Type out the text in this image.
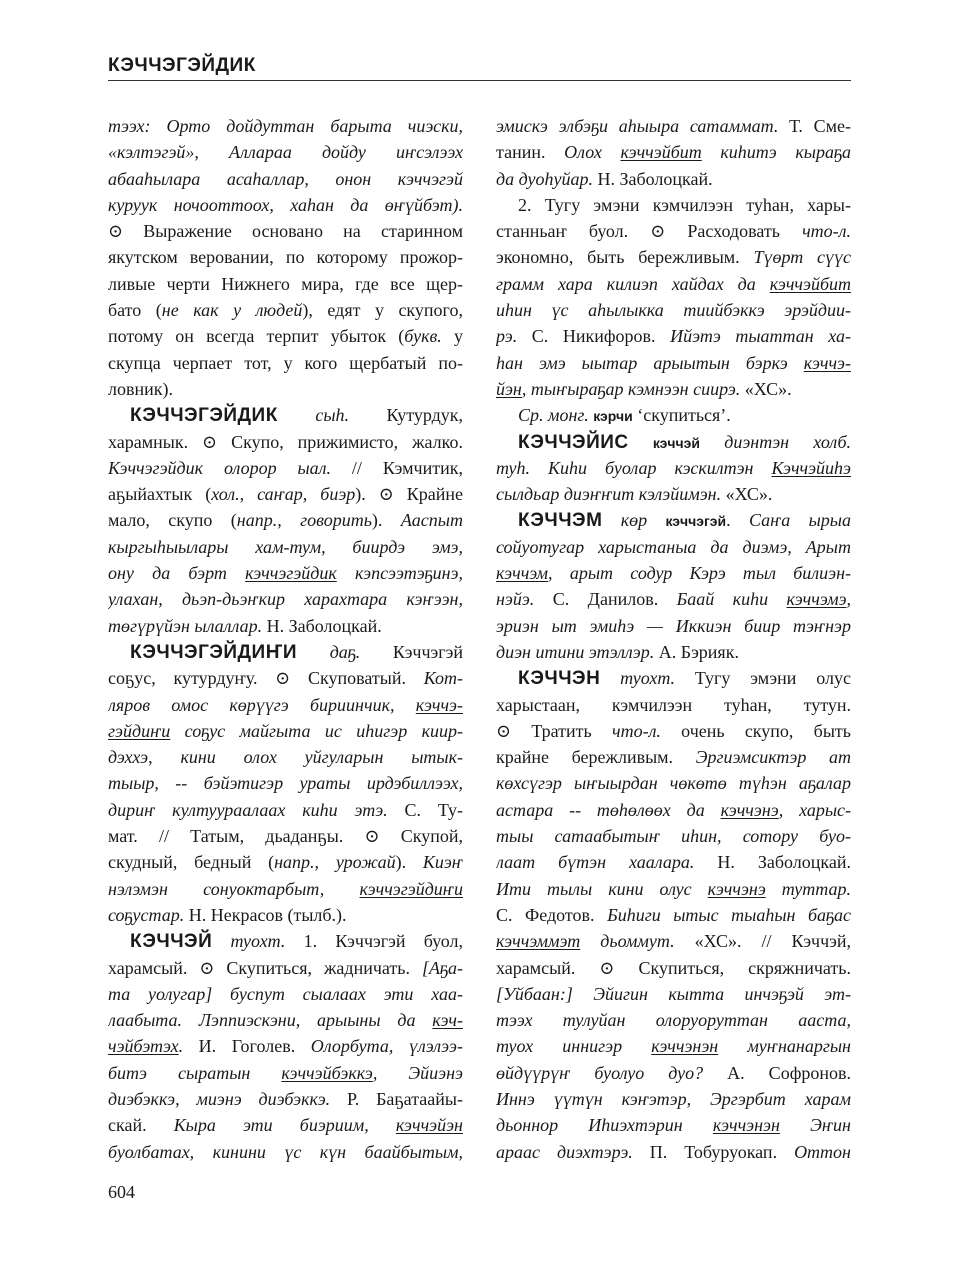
КЭЧЧЭГЭЙДИК
тээх: Орто дойдуттан барыта чиэски,
«кэлтэгэй», Аллараа дойду иҥсэлээх
абааһылара асаһаллар, онон кэччэгэй
куруук ночооттоох, хаһан да өҥүйбэт).
⊙ Выражение основано на старинном
якутском веровании, по которому прожор-
ливые черти Нижнего мира, где все щер-
бато (не как у людей), едят у скупого,
потому он всегда терпит убыток (букв. у
скупца черпает тот, у кого щербатый по-
ловник).
КЭЧЧЭГЭЙДИК сыһ. Кутурдук,
харамнык. ⊙ Скупо, прижимисто, жалко.
Кэччэгэйдик олорор ыал. // Кэмчитик,
аҕыйахтык (хол., саҥар, биэр). ⊙ Крайне
мало, скупо (напр., говорить). Аaспыт
кыргыһыылары хам-тум, биирдэ эмэ,
ону да бэрт кэччэгэйдик кэпсээтэҕинэ,
улахан, дьэп-дьэҥкир харахтара кэҥээн,
төгүрүйэн ылаллар. Н. Заболоцкай.
КЭЧЧЭГЭЙДИҤИ даҕ. Кэччэгэй
соҕус, кутурдуҥу. ⊙ Скуповатый. Кот-
ляров омос көрүүгэ бириинчик, кэччэ-
гэйдиҥи соҕус майгыта ис иһигэр киир-
дэххэ, кини олох уйгуларын ытык-
тыыр, -- бэйэтигэр ураты ирдэбиллээх,
дириҥ култуураалаах киһи этэ. С. Ту-
мат. // Татым, дьаданҕы. ⊙ Скупой,
скудный, бедный (напр., урожай). Киэҥ
нэлэмэн сонуоктарбыт, кэччэгэйдиҥи
соҕустар. Н. Некрасов (тылб.).
КЭЧЧЭЙ туохт. 1. Кэччэгэй буол,
харамсый. ⊙ Скупиться, жадничать. [Аҕа-
та уолугар] буспут сыалаах эти хаа-
лаабыта. Лэппиэскэни, арыыны да кэч-
чэйбэтэх. И. Гоголев. Олорбута, үлэлээ-
битэ сыратын кэччэйбэккэ, Эйиэнэ
диэбэккэ, миэнэ диэбэккэ. Р. Баҕатаайы-
скай. Кыра эти биэриим, кэччэйэн
буолбатах, кинини үс күн баайбытым,
эмискэ элбэҕи аһыыра сатаммат. Т. Сме-
танин. Олох кэччэйбит киһитэ кыраҕа
да дуоһуйар. Н. Заболоцкай.
2. Тугу эмэни кэмчилээн туһан, хары-
станньаҥ буол. ⊙ Расходовать что-л.
экономно, быть бережливым. Түөрт сүүс
грамм хара килиэп хайдах да кэччэйбит
иһин үс аһылыкка тиийбэккэ эрэйдии-
рэ. С. Никифоров. Ийэтэ тыаттан ха-
һан эмэ ыытар арыытын бэркэ кэччэ-
йэн, тыҥыраҕар кэмнээн сиирэ. «ХС».
Ср. монг. кэрчи ‘скупиться’.
КЭЧЧЭЙИС кэччэй диэнтэн холб.
туһ. Киһи буолар кэскилтэн Кэччэйиһэ
сылдьар диэҥҥит кэлэйимэн. «ХС».
КЭЧЧЭМ көр кэччэгэй. Саҥа ырыа
сойуотугар харыстаныа да диэмэ, Арыт
кэччэм, арыт содур Кэрэ тыл билиэн-
нэйэ. С. Данилов. Баай киһи кэччэмэ,
эриэн ыт эмиһэ — Иккиэн биир тэҥнэр
диэн итини этэллэр. А. Бэрияк.
КЭЧЧЭН туохт. Тугу эмэни олус
харыстаан, кэмчилээн туһан, тутун.
⊙ Тратить что-л. очень скупо, быть
крайне бережливым. Эргиэмсиктэр ат
көхсүгэр ыҥыырдан чөкөтө түһэн аҕалар
астара -- төһөлөөх да кэччэнэ, харыс-
тыы сатаабытыҥ иһин, сотору буо-
лаат бүтэн хаалара. Н. Заболоцкай.
Ити тылы кини олус кэччэнэ туттар.
С. Федотов. Биһиги ытыс тыаһын баҕас
кэччэммэт дьоммут. «ХС». // Кэччэй,
харамсый. ⊙ Скупиться, скряжничать.
[Уйбаан:] Эйигин кытта инчэҕэй эт-
тээх тулуйан олоруоруттан ааста,
туох иннигэр кэччэнэн муҥнанаргын
өйдүүрүҥ буолуо дуо? А. Софронов.
Иннэ үүтүн кэҥэтэр, Эргэрбит харам
дьоннор Иһиэхтэрин кэччэнэн Эҥин
араас диэхтэрэ. П. Тобуруокап. Оттон
604
